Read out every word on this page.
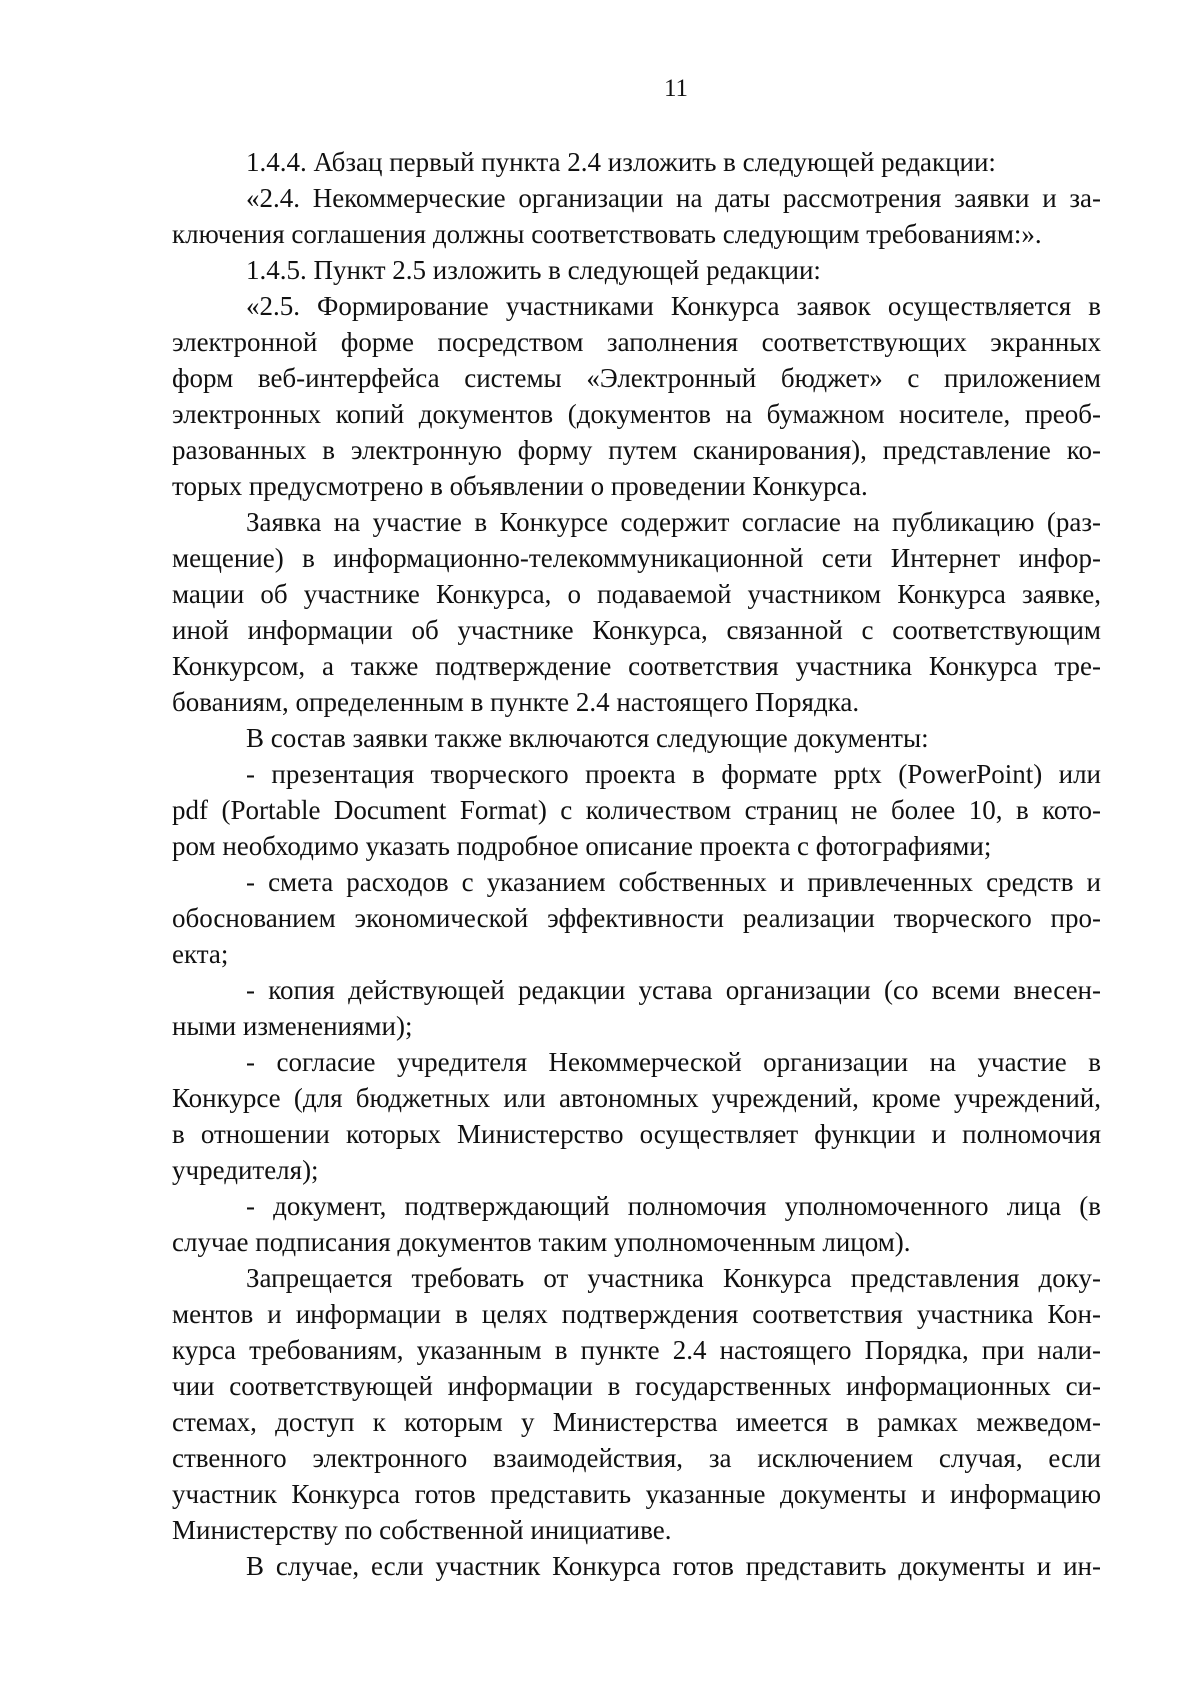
11
1.4.4. Абзац первый пункта 2.4 изложить в следующей редакции:
«2.4. Некоммерческие организации на даты рассмотрения заявки и за-
ключения соглашения должны соответствовать следующим требованиям:».
1.4.5. Пункт 2.5 изложить в следующей редакции:
«2.5. Формирование участниками Конкурса заявок осуществляется в
электронной форме посредством заполнения соответствующих экранных
форм веб-интерфейса системы «Электронный бюджет» с приложением
электронных копий документов (документов на бумажном носителе, преоб-
разованных в электронную форму путем сканирования), представление ко-
торых предусмотрено в объявлении о проведении Конкурса.
Заявка на участие в Конкурсе содержит согласие на публикацию (раз-
мещение) в информационно-телекоммуникационной сети Интернет инфор-
мации об участнике Конкурса, о подаваемой участником Конкурса заявке,
иной информации об участнике Конкурса, связанной с соответствующим
Конкурсом, а также подтверждение соответствия участника Конкурса тре-
бованиям, определенным в пункте 2.4 настоящего Порядка.
В состав заявки также включаются следующие документы:
- презентация творческого проекта в формате pptx (PowerPoint) или
pdf (Portable Document Format) с количеством страниц не более 10, в кото-
ром необходимо указать подробное описание проекта с фотографиями;
- смета расходов с указанием собственных и привлеченных средств и
обоснованием экономической эффективности реализации творческого про-
екта;
- копия действующей редакции устава организации (со всеми внесен-
ными изменениями);
- согласие учредителя Некоммерческой организации на участие в
Конкурсе (для бюджетных или автономных учреждений, кроме учреждений,
в отношении которых Министерство осуществляет функции и полномочия
учредителя);
- документ, подтверждающий полномочия уполномоченного лица (в
случае подписания документов таким уполномоченным лицом).
Запрещается требовать от участника Конкурса представления доку-
ментов и информации в целях подтверждения соответствия участника Кон-
курса требованиям, указанным в пункте 2.4 настоящего Порядка, при нали-
чии соответствующей информации в государственных информационных си-
стемах, доступ к которым у Министерства имеется в рамках межведом-
ственного электронного взаимодействия, за исключением случая, если
участник Конкурса готов представить указанные документы и информацию
Министерству по собственной инициативе.
В случае, если участник Конкурса готов представить документы и ин-
